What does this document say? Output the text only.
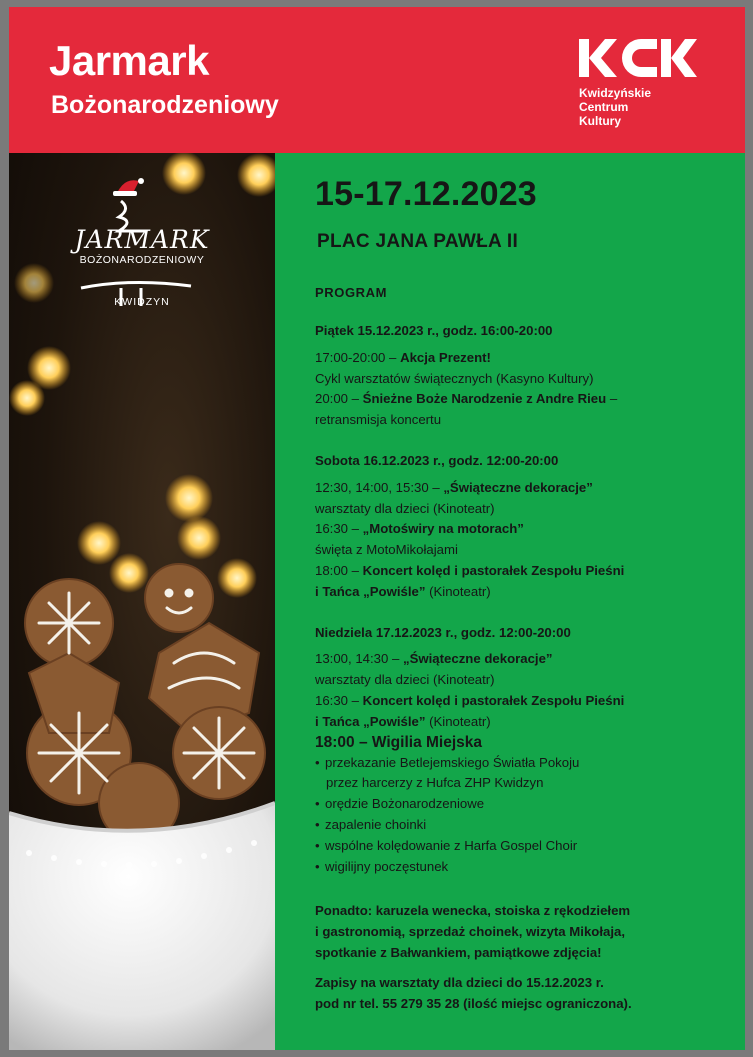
Jarmark
Bożonarodzeniowy	Kwidzyńskie
Centrum
Kultury
JARMARK
BOŻONARODZENIOWY
KWIDZYN
15-17.12.2023
PLAC JANA PAWŁA II
PROGRAM
Piątek 15.12.2023 r., godz. 16:00-20:00
17:00-20:00 – Akcja Prezent!
Cykl warsztatów świątecznych (Kasyno Kultury)
20:00 – Śnieżne Boże Narodzenie z Andre Rieu –
retransmisja koncertu
Sobota 16.12.2023 r., godz. 12:00-20:00
12:30, 14:00, 15:30 – „Świąteczne dekoracje”
warsztaty dla dzieci (Kinoteatr)
16:30 – „Motoświry na motorach”
święta z MotoMikołajami
18:00 – Koncert kolęd i pastorałek Zespołu Pieśni
i Tańca „Powiśle” (Kinoteatr)
Niedziela 17.12.2023 r., godz. 12:00-20:00
13:00, 14:30 – „Świąteczne dekoracje”
warsztaty dla dzieci (Kinoteatr)
16:30 – Koncert kolęd i pastorałek Zespołu Pieśni
i Tańca „Powiśle” (Kinoteatr)
18:00 – Wigilia Miejska
• przekazanie Betlejemskiego Światła Pokoju
przez harcerzy z Hufca ZHP Kwidzyn
• orędzie Bożonarodzeniowe
• zapalenie choinki
• wspólne kolędowanie z Harfa Gospel Choir
• wigilijny poczęstunek
Ponadto: karuzela wenecka, stoiska z rękodziełem
i gastronomią, sprzedaż choinek, wizyta Mikołaja,
spotkanie z Bałwankiem, pamiątkowe zdjęcia!
Zapisy na warsztaty dla dzieci do 15.12.2023 r.
pod nr tel. 55 279 35 28 (ilość miejsc ograniczona).
